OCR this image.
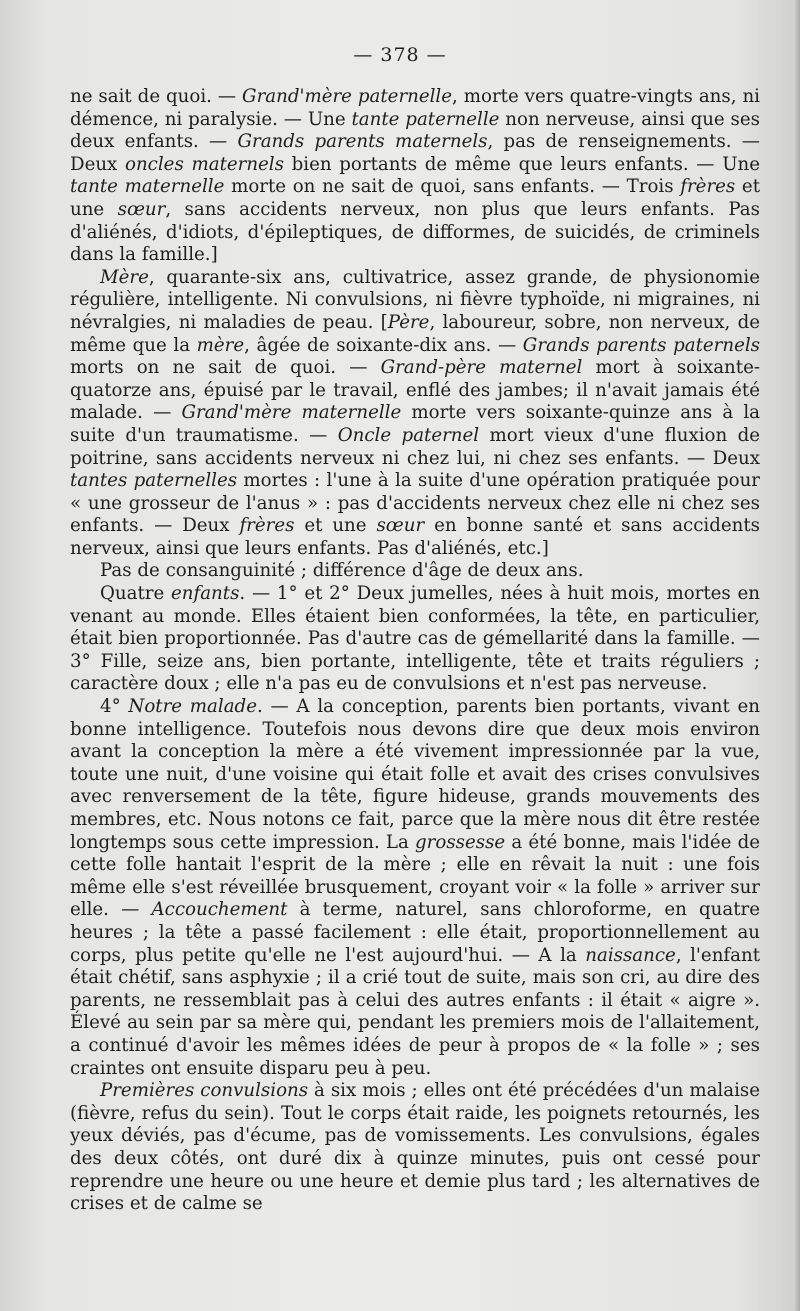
— 378 —

ne sait de quoi. — Grand'mère paternelle, morte vers quatre-vingts ans, ni démence, ni paralysie. — Une tante paternelle non nerveuse, ainsi que ses deux enfants. — Grands parents maternels, pas de renseignements. — Deux oncles maternels bien portants de même que leurs enfants. — Une tante maternelle morte on ne sait de quoi, sans enfants. — Trois frères et une sœur, sans accidents nerveux, non plus que leurs enfants. Pas d'aliénés, d'idiots, d'épileptiques, de difformes, de suicidés, de criminels dans la famille.]

Mère, quarante-six ans, cultivatrice, assez grande, de physionomie régulière, intelligente. Ni convulsions, ni fièvre typhoïde, ni migraines, ni névralgies, ni maladies de peau. [Père, laboureur, sobre, non nerveux, de même que la mère, âgée de soixante-dix ans. — Grands parents paternels morts on ne sait de quoi. — Grand-père maternel mort à soixante-quatorze ans, épuisé par le travail, enflé des jambes; il n'avait jamais été malade. — Grand'mère maternelle morte vers soixante-quinze ans à la suite d'un traumatisme. — Oncle paternel mort vieux d'une fluxion de poitrine, sans accidents nerveux ni chez lui, ni chez ses enfants. — Deux tantes paternelles mortes : l'une à la suite d'une opération pratiquée pour « une grosseur de l'anus » : pas d'accidents nerveux chez elle ni chez ses enfants. — Deux frères et une sœur en bonne santé et sans accidents nerveux, ainsi que leurs enfants. Pas d'aliénés, etc.]

Pas de consanguinité ; différence d'âge de deux ans.

Quatre enfants. — 1° et 2° Deux jumelles, nées à huit mois, mortes en venant au monde. Elles étaient bien conformées, la tête, en particulier, était bien proportionnée. Pas d'autre cas de gémellarité dans la famille. — 3° Fille, seize ans, bien portante, intelligente, tête et traits réguliers ; caractère doux ; elle n'a pas eu de convulsions et n'est pas nerveuse.

4° Notre malade. — A la conception, parents bien portants, vivant en bonne intelligence. Toutefois nous devons dire que deux mois environ avant la conception la mère a été vivement impressionnée par la vue, toute une nuit, d'une voisine qui était folle et avait des crises convulsives avec renversement de la tête, figure hideuse, grands mouvements des membres, etc. Nous notons ce fait, parce que la mère nous dit être restée longtemps sous cette impression. La grossesse a été bonne, mais l'idée de cette folle hantait l'esprit de la mère ; elle en rêvait la nuit : une fois même elle s'est réveillée brusquement, croyant voir « la folle » arriver sur elle. — Accouchement à terme, naturel, sans chloroforme, en quatre heures ; la tête a passé facilement : elle était, proportionnellement au corps, plus petite qu'elle ne l'est aujourd'hui. — A la naissance, l'enfant était chétif, sans asphyxie ; il a crié tout de suite, mais son cri, au dire des parents, ne ressemblait pas à celui des autres enfants : il était « aigre ». Élevé au sein par sa mère qui, pendant les premiers mois de l'allaitement, a continué d'avoir les mêmes idées de peur à propos de « la folle » ; ses craintes ont ensuite disparu peu à peu.

Premières convulsions à six mois ; elles ont été précédées d'un malaise (fièvre, refus du sein). Tout le corps était raide, les poignets retournés, les yeux déviés, pas d'écume, pas de vomissements. Les convulsions, égales des deux côtés, ont duré dix à quinze minutes, puis ont cessé pour reprendre une heure ou une heure et demie plus tard ; les alternatives de crises et de calme se
